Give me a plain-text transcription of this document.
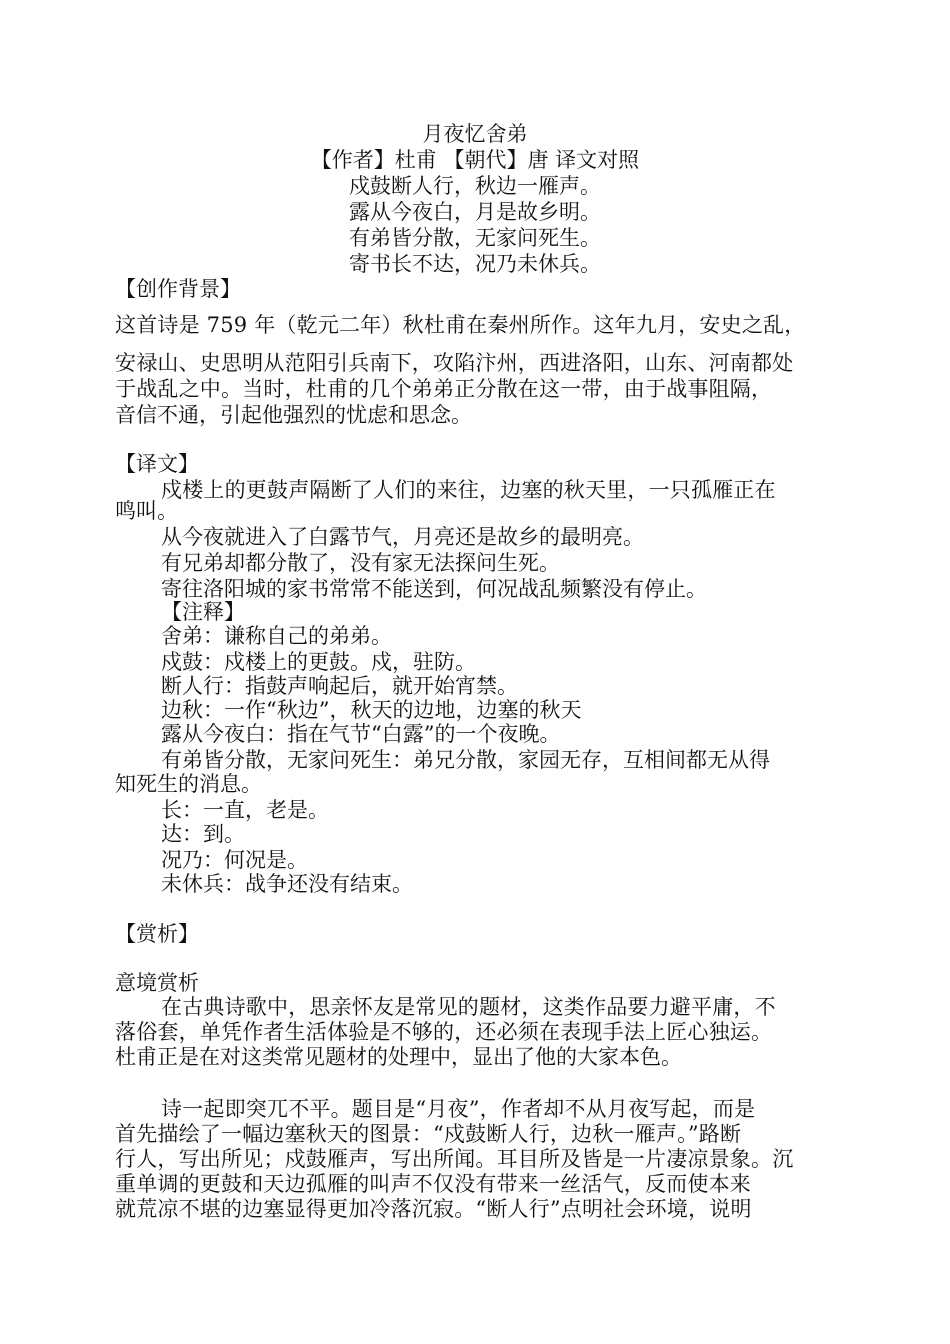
月夜忆舍弟
【作者】杜甫 【朝代】唐 译文对照
戍鼓断人行，秋边一雁声。
露从今夜白，月是故乡明。
有弟皆分散，无家问死生。
寄书长不达，况乃未休兵。
【创作背景】
这首诗是 759 年（乾元二年）秋杜甫在秦州所作。这年九月，安史之乱，
安禄山、史思明从范阳引兵南下，攻陷汴州，西进洛阳，山东、河南都处
于战乱之中。当时，杜甫的几个弟弟正分散在这一带，由于战事阻隔，
音信不通，引起他强烈的忧虑和思念。
【译文】
戍楼上的更鼓声隔断了人们的来往，边塞的秋天里，一只孤雁正在
鸣叫。
从今夜就进入了白露节气，月亮还是故乡的最明亮。
有兄弟却都分散了，没有家无法探问生死。
寄往洛阳城的家书常常不能送到，何况战乱频繁没有停止。
【注释】
舍弟：谦称自己的弟弟。
戍鼓：戍楼上的更鼓。戍，驻防。
断人行：指鼓声响起后，就开始宵禁。
边秋：一作“秋边”，秋天的边地，边塞的秋天
露从今夜白：指在气节“白露”的一个夜晚。
有弟皆分散，无家问死生：弟兄分散，家园无存，互相间都无从得
知死生的消息。
长：一直，老是。
达：到。
况乃：何况是。
未休兵：战争还没有结束。
【赏析】
意境赏析
在古典诗歌中，思亲怀友是常见的题材，这类作品要力避平庸，不
落俗套，单凭作者生活体验是不够的，还必须在表现手法上匠心独运。
杜甫正是在对这类常见题材的处理中，显出了他的大家本色。
诗一起即突兀不平。题目是“月夜”，作者却不从月夜写起，而是
首先描绘了一幅边塞秋天的图景：“戍鼓断人行，边秋一雁声。”路断
行人，写出所见；戍鼓雁声，写出所闻。耳目所及皆是一片凄凉景象。沉
重单调的更鼓和天边孤雁的叫声不仅没有带来一丝活气，反而使本来
就荒凉不堪的边塞显得更加冷落沉寂。“断人行”点明社会环境，说明
